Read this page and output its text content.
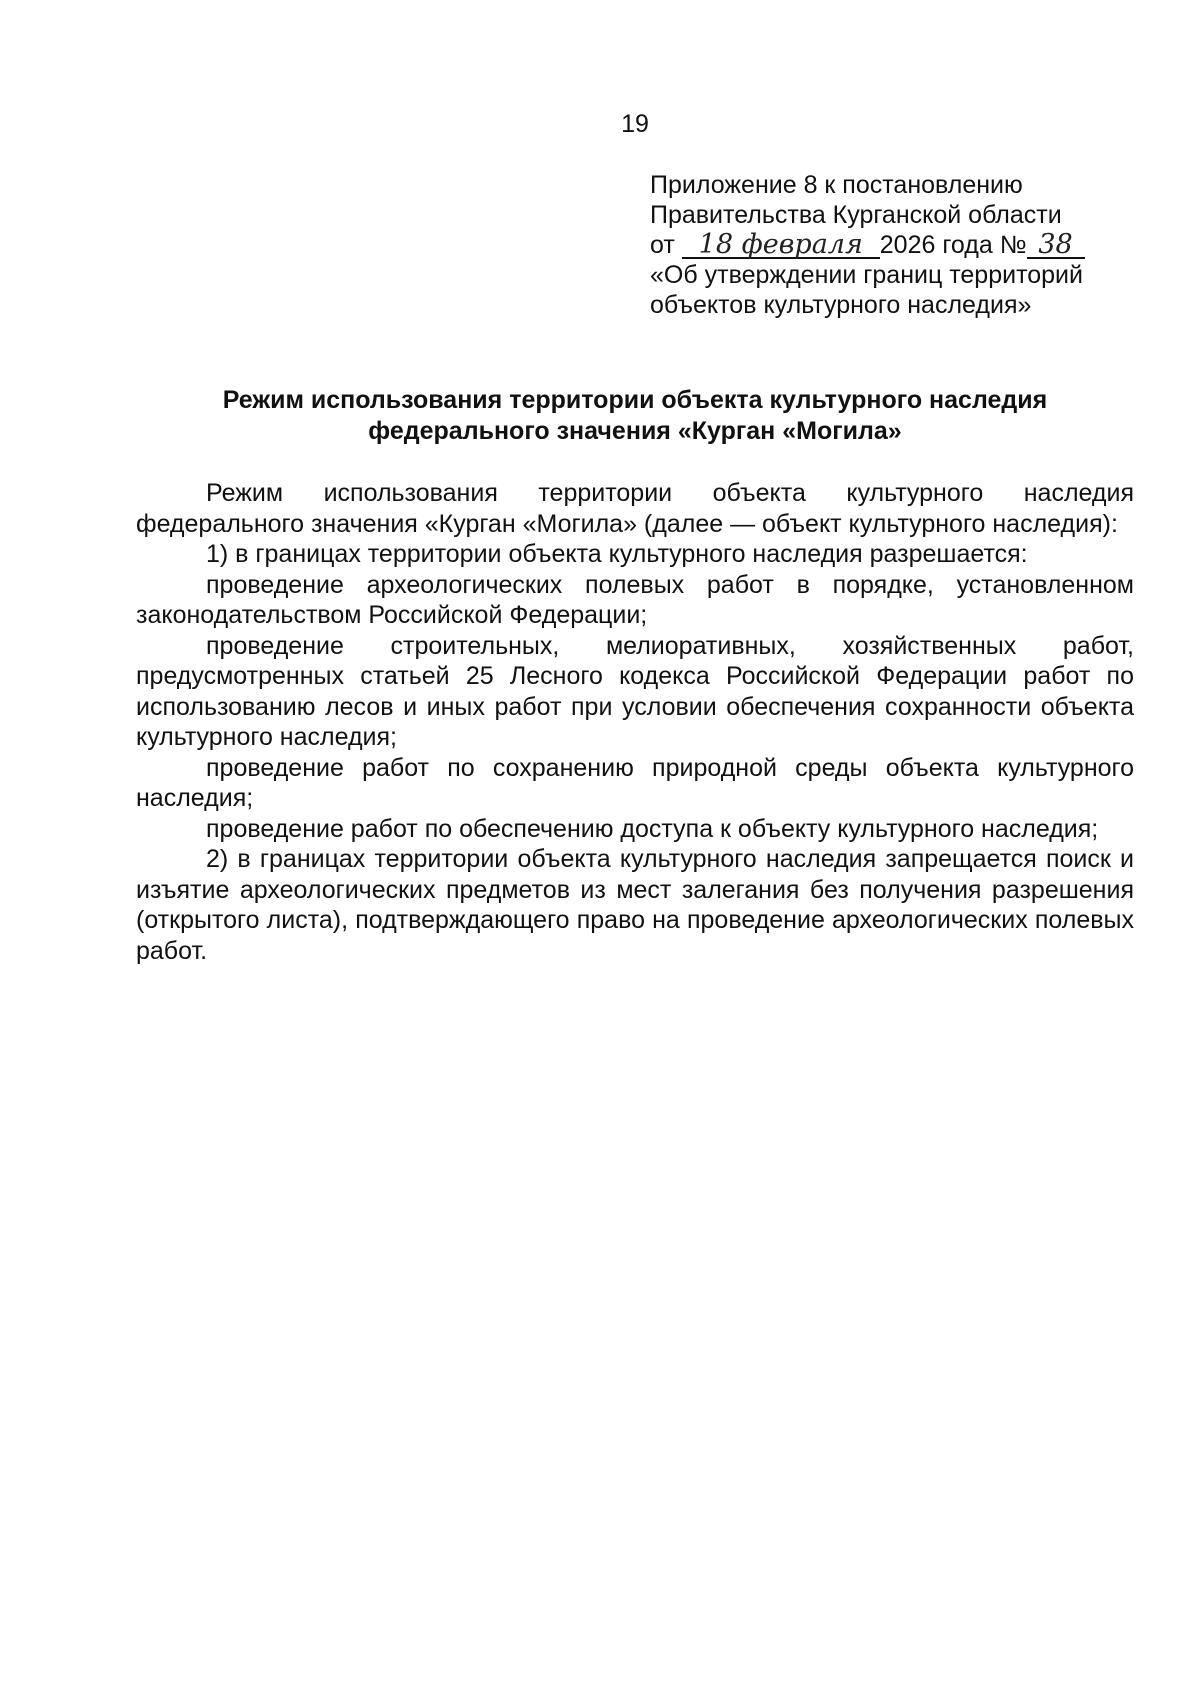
19
Приложение 8 к постановлению
Правительства Курганской области
от 18 февраля 2026 года № 38
«Об утверждении границ территорий
объектов культурного наследия»
Режим использования территории объекта культурного наследия
федерального значения «Курган «Могила»

Режим использования территории объекта культурного наследия федерального значения «Курган «Могила» (далее — объект культурного наследия):

1) в границах территории объекта культурного наследия разрешается:

проведение археологических полевых работ в порядке, установленном законодательством Российской Федерации;

проведение строительных, мелиоративных, хозяйственных работ, предусмотренных статьей 25 Лесного кодекса Российской Федерации работ по использованию лесов и иных работ при условии обеспечения сохранности объекта культурного наследия;

проведение работ по сохранению природной среды объекта культурного наследия;

проведение работ по обеспечению доступа к объекту культурного наследия;

2) в границах территории объекта культурного наследия запрещается поиск и изъятие археологических предметов из мест залегания без получения разрешения (открытого листа), подтверждающего право на проведение археологических полевых работ.
